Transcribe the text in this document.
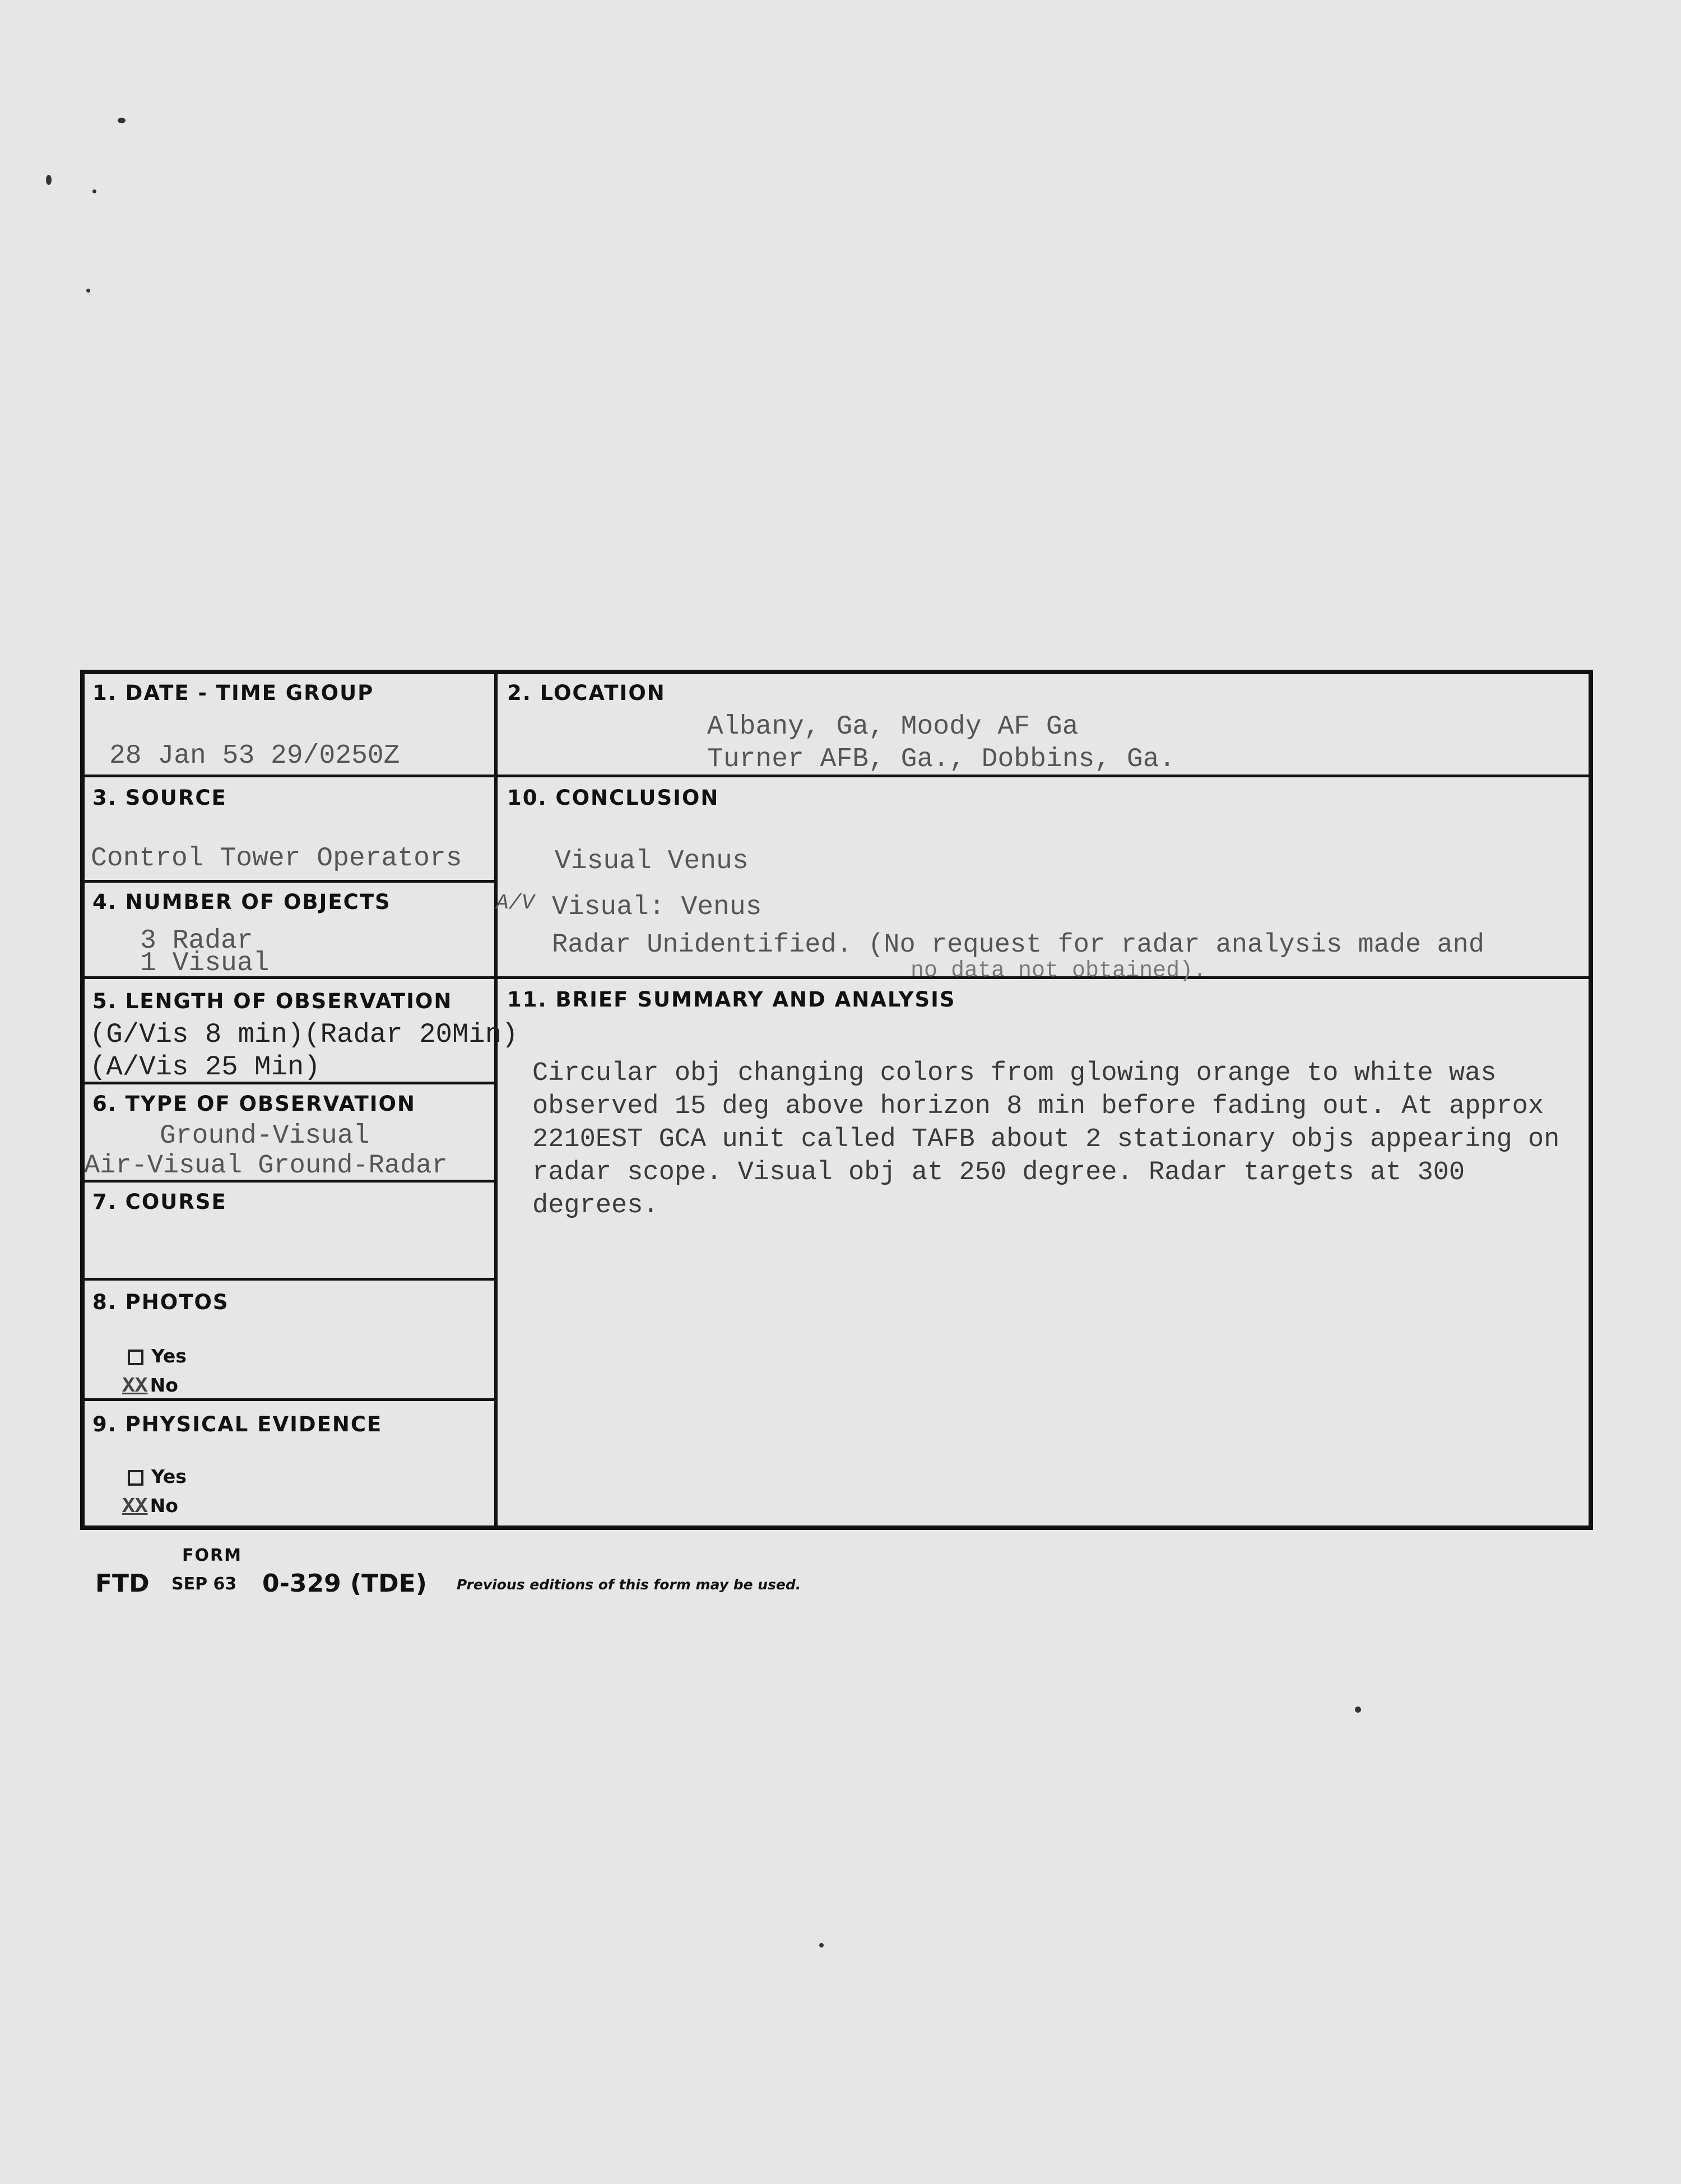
1. DATE - TIME GROUP
28 Jan 53 29/0250Z
2. LOCATION
Albany, Ga, Moody AF Ga
Turner AFB, Ga., Dobbins, Ga.
3. SOURCE
Control Tower Operators
10. CONCLUSION
Visual Venus
A/V Visual: Venus
Radar Unidentified. (No request for radar analysis made and
no data not obtained).
4. NUMBER OF OBJECTS
3 Radar
1 Visual
5. LENGTH OF OBSERVATION
(G/Vis 8 min)(Radar 20Min)
(A/Vis 25 Min)
11. BRIEF SUMMARY AND ANALYSIS
Circular obj changing colors from glowing orange to white was observed 15 deg above horizon 8 min before fading out. At approx 2210EST GCA unit called TAFB about 2 stationary objs appearing on radar scope. Visual obj at 250 degree. Radar targets at 300 degrees.
6. TYPE OF OBSERVATION
Ground-Visual
Air-Visual Ground-Radar
7. COURSE
8. PHOTOS
Yes
XX No
9. PHYSICAL EVIDENCE
Yes
XX No
FORM
FTD SEP 63 0-329 (TDE) Previous editions of this form may be used.
